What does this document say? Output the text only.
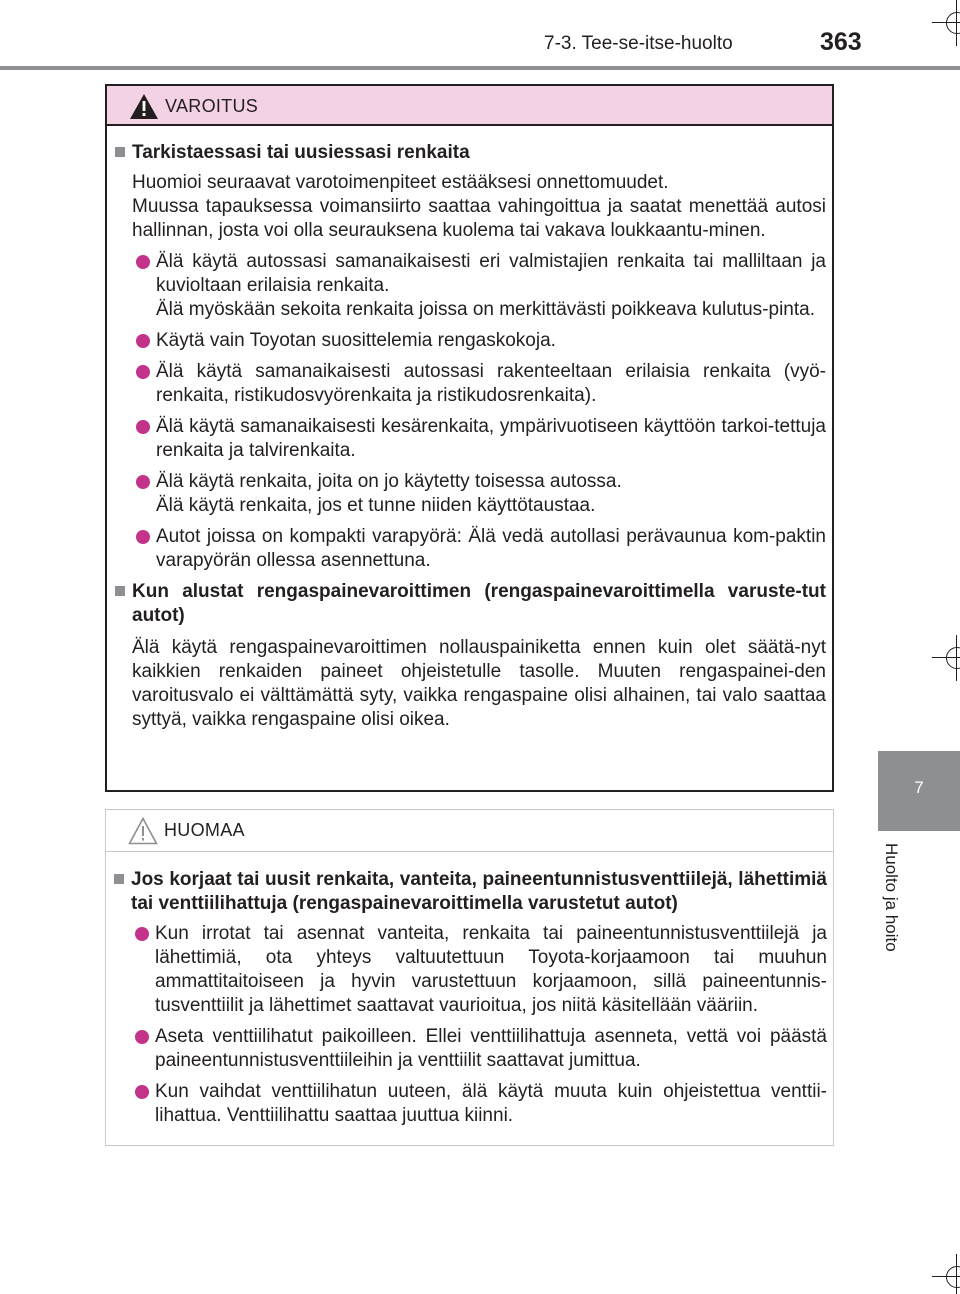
7-3. Tee-se-itse-huolto	363
7
Huolto ja hoito
VAROITUS
Tarkistaessasi tai uusiessasi renkaita
Huomioi seuraavat varotoimenpiteet estääksesi onnettomuudet.
Muussa tapauksessa voimansiirto saattaa vahingoittua ja saatat menettää autosi hallinnan, josta voi olla seurauksena kuolema tai vakava loukkaantu-minen.
Älä käytä autossasi samanaikaisesti eri valmistajien renkaita tai malliltaan ja kuvioltaan erilaisia renkaita.
Älä myöskään sekoita renkaita joissa on merkittävästi poikkeava kulutus-pinta.
Käytä vain Toyotan suosittelemia rengaskokoja.
Älä käytä samanaikaisesti autossasi rakenteeltaan erilaisia renkaita (vyö-renkaita, ristikudosvyörenkaita ja ristikudosrenkaita).
Älä käytä samanaikaisesti kesärenkaita, ympärivuotiseen käyttöön tarkoi-tettuja renkaita ja talvirenkaita.
Älä käytä renkaita, joita on jo käytetty toisessa autossa.
Älä käytä renkaita, jos et tunne niiden käyttötaustaa.
Autot joissa on kompakti varapyörä: Älä vedä autollasi perävaunua kom-paktin varapyörän ollessa asennettuna.
Kun alustat rengaspainevaroittimen (rengaspainevaroittimella varuste-tut autot)
Älä käytä rengaspainevaroittimen nollauspainiketta ennen kuin olet säätä-nyt kaikkien renkaiden paineet ohjeistetulle tasolle. Muuten rengaspainei-den varoitusvalo ei välttämättä syty, vaikka rengaspaine olisi alhainen, tai valo saattaa syttyä, vaikka rengaspaine olisi oikea.
HUOMAA
Jos korjaat tai uusit renkaita, vanteita, paineentunnistusventtiilejä, lähettimiä tai venttiilihattuja (rengaspainevaroittimella varustetut autot)
Kun irrotat tai asennat vanteita, renkaita tai paineentunnistusventtiilejä ja lähettimiä, ota yhteys valtuutettuun Toyota-korjaamoon tai muuhun ammattitaitoiseen ja hyvin varustettuun korjaamoon, sillä paineentunnis-tusventtiilit ja lähettimet saattavat vaurioitua, jos niitä käsitellään vääriin.
Aseta venttiilihatut paikoilleen. Ellei venttiilihattuja asenneta, vettä voi päästä paineentunnistusventtiileihin ja venttiilit saattavat jumittua.
Kun vaihdat venttiilihatun uuteen, älä käytä muuta kuin ohjeistettua venttii-lihattua. Venttiilihattu saattaa juuttua kiinni.
